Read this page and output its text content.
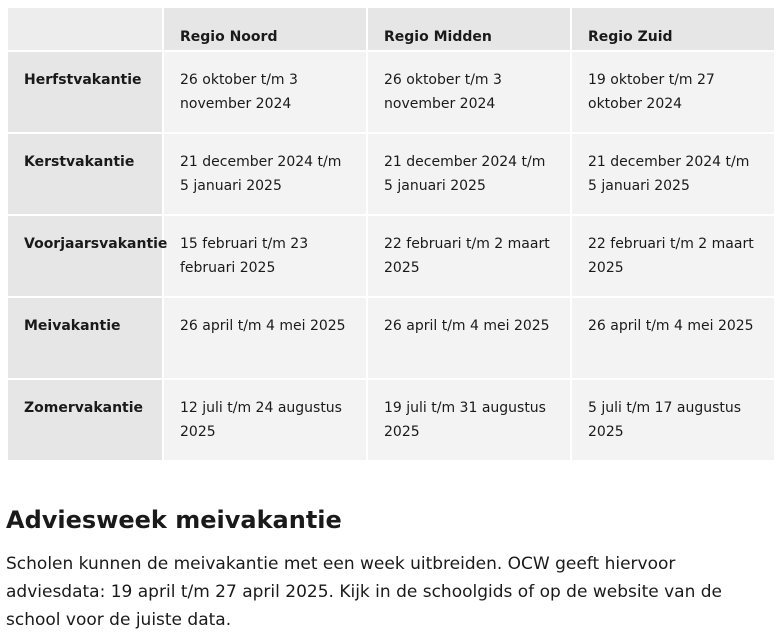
	Regio Noord	Regio Midden	Regio Zuid
Herfstvakantie	26 oktober t/m 3 november 2024	26 oktober t/m 3 november 2024	19 oktober t/m 27 oktober 2024
Kerstvakantie	21 december 2024 t/m 5 januari 2025	21 december 2024 t/m 5 januari 2025	21 december 2024 t/m 5 januari 2025
Voorjaarsvakantie	15 februari t/m 23 februari 2025	22 februari t/m 2 maart 2025	22 februari t/m 2 maart 2025
Meivakantie	26 april t/m 4 mei 2025	26 april t/m 4 mei 2025	26 april t/m 4 mei 2025
Zomervakantie	12 juli t/m 24 augustus 2025	19 juli t/m 31 augustus 2025	5 juli t/m 17 augustus 2025
Adviesweek meivakantie

Scholen kunnen de meivakantie met een week uitbreiden. OCW geeft hiervoor adviesdata: 19 april t/m 27 april 2025. Kijk in de schoolgids of op de website van de school voor de juiste data.
